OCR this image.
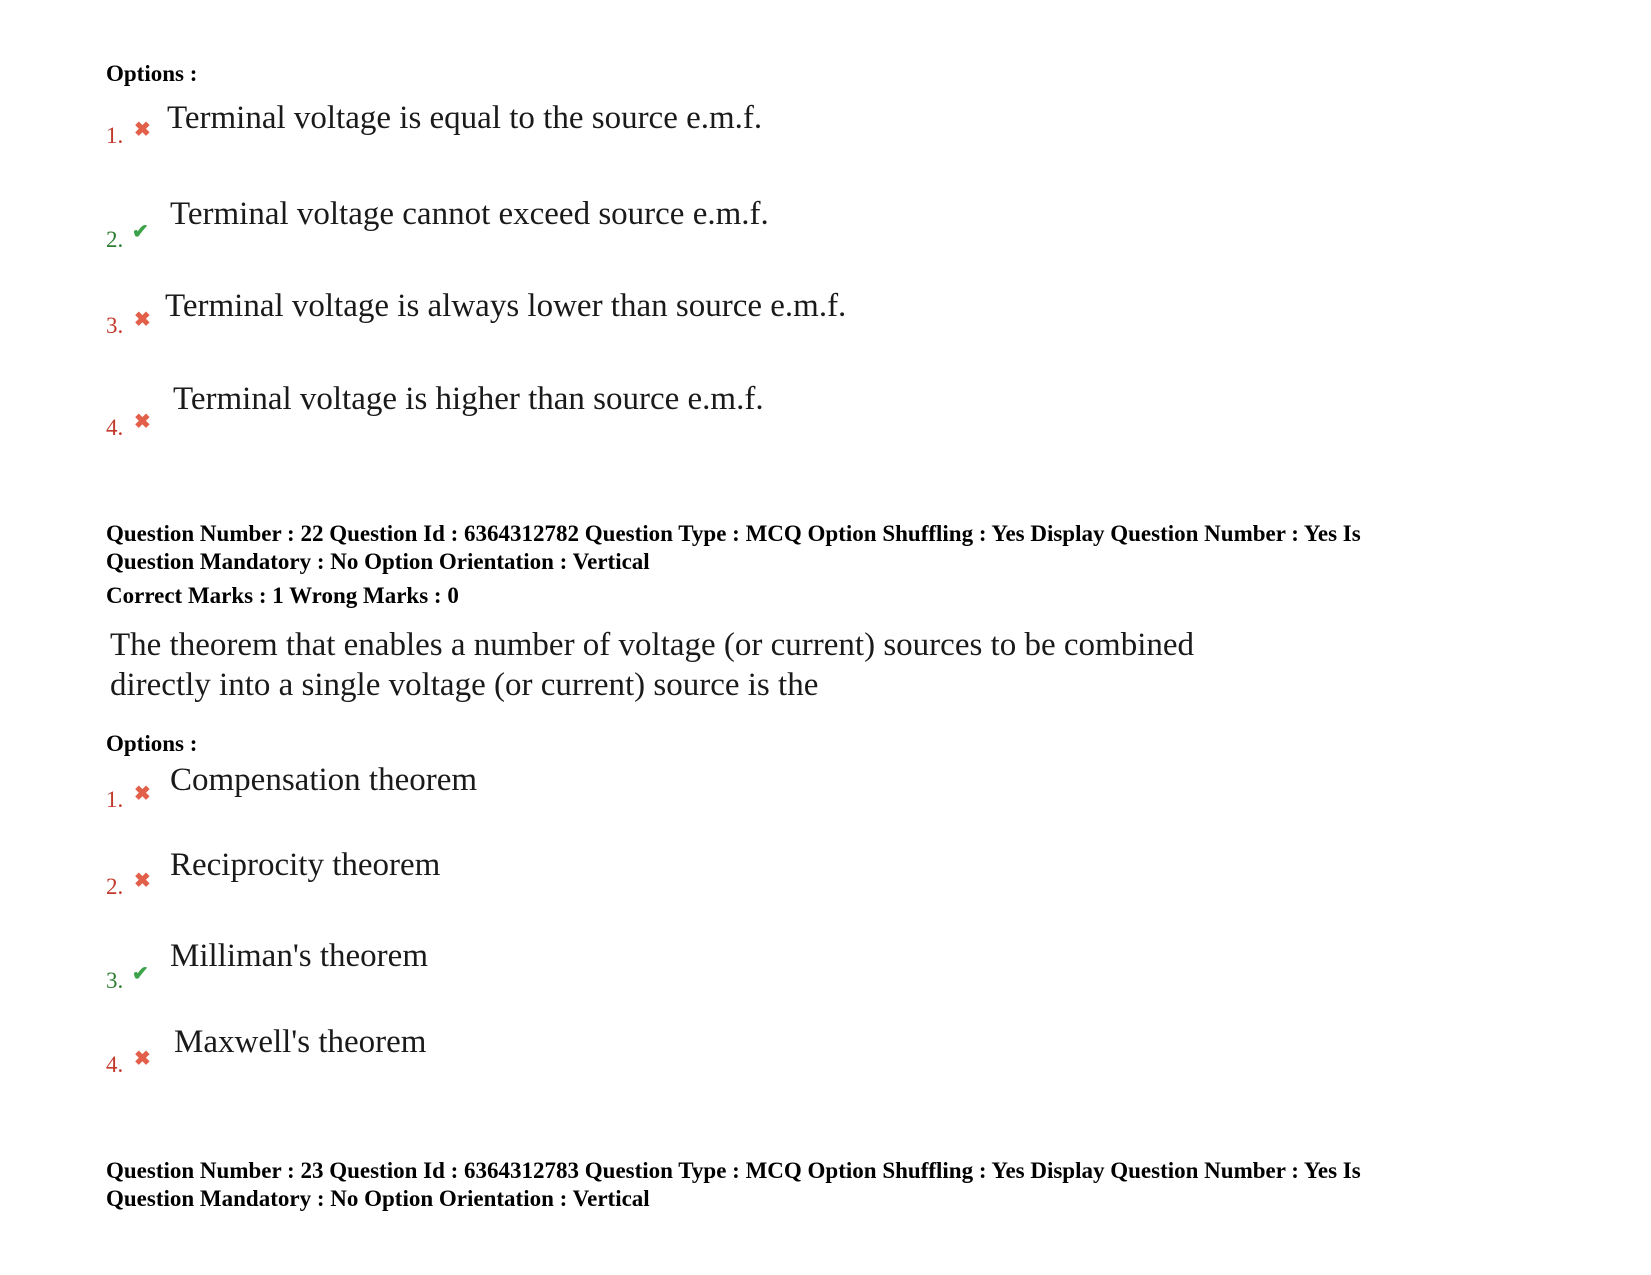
Options :
1. ✖ Terminal voltage is equal to the source e.m.f.
2. ✔ Terminal voltage cannot exceed source e.m.f.
3. ✖ Terminal voltage is always lower than source e.m.f.
4. ✖
Terminal voltage is higher than source e.m.f.
Question Number : 22 Question Id : 6364312782 Question Type : MCQ Option Shuffling : Yes Display Question Number : Yes Is
Question Mandatory : No Option Orientation : Vertical
Correct Marks : 1 Wrong Marks : 0
The theorem that enables a number of voltage (or current) sources to be combined
directly into a single voltage (or current) source is the
Options :
1. ✖ Compensation theorem
2. ✖ Reciprocity theorem
3. ✔ Milliman's theorem
4. ✖ Maxwell's theorem
Question Number : 23 Question Id : 6364312783 Question Type : MCQ Option Shuffling : Yes Display Question Number : Yes Is
Question Mandatory : No Option Orientation : Vertical
